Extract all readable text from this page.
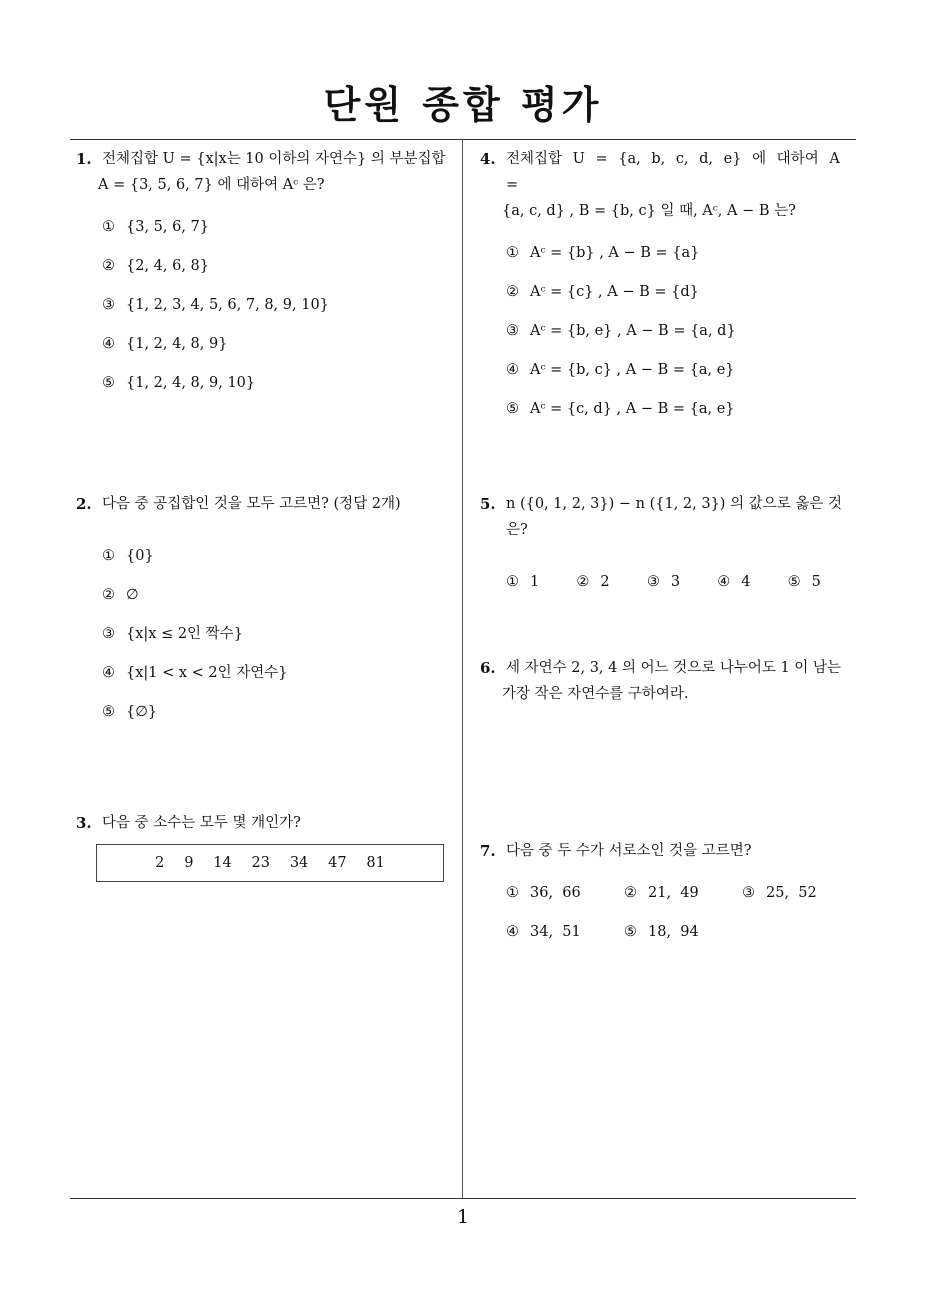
단원 종합 평가
1. 전체집합 U = {x|x는 10 이하의 자연수} 의 부분집합
A = {3, 5, 6, 7} 에 대하여 Aᶜ 은?
① {3, 5, 6, 7}
② {2, 4, 6, 8}
③ {1, 2, 3, 4, 5, 6, 7, 8, 9, 10}
④ {1, 2, 4, 8, 9}
⑤ {1, 2, 4, 8, 9, 10}
2. 다음 중 공집합인 것을 모두 고르면? (정답 2개)
① {0}
② ∅
③ {x|x ≤ 2인 짝수}
④ {x|1 < x < 2인 자연수}
⑤ {∅}
3. 다음 중 소수는 모두 몇 개인가?
2   9   14   23   34   47   81
4. 전체집합 U = {a, b, c, d, e} 에 대하여 A =
{a, c, d} , B = {b, c} 일 때, Aᶜ, A − B 는?
① Aᶜ = {b} , A − B = {a}
② Aᶜ = {c} , A − B = {d}
③ Aᶜ = {b, e} , A − B = {a, d}
④ Aᶜ = {b, c} , A − B = {a, e}
⑤ Aᶜ = {c, d} , A − B = {a, e}
5. n ({0, 1, 2, 3}) − n ({1, 2, 3}) 의 값으로 옳은 것은?
① 1	② 2	③ 3	④ 4	⑤ 5
6. 세 자연수 2, 3, 4 의 어느 것으로 나누어도 1 이 남는
가장 작은 자연수를 구하여라.
7. 다음 중 두 수가 서로소인 것을 고르면?
① 36,  66	② 21,  49	③ 25,  52
④ 34,  51	⑤ 18,  94
1
